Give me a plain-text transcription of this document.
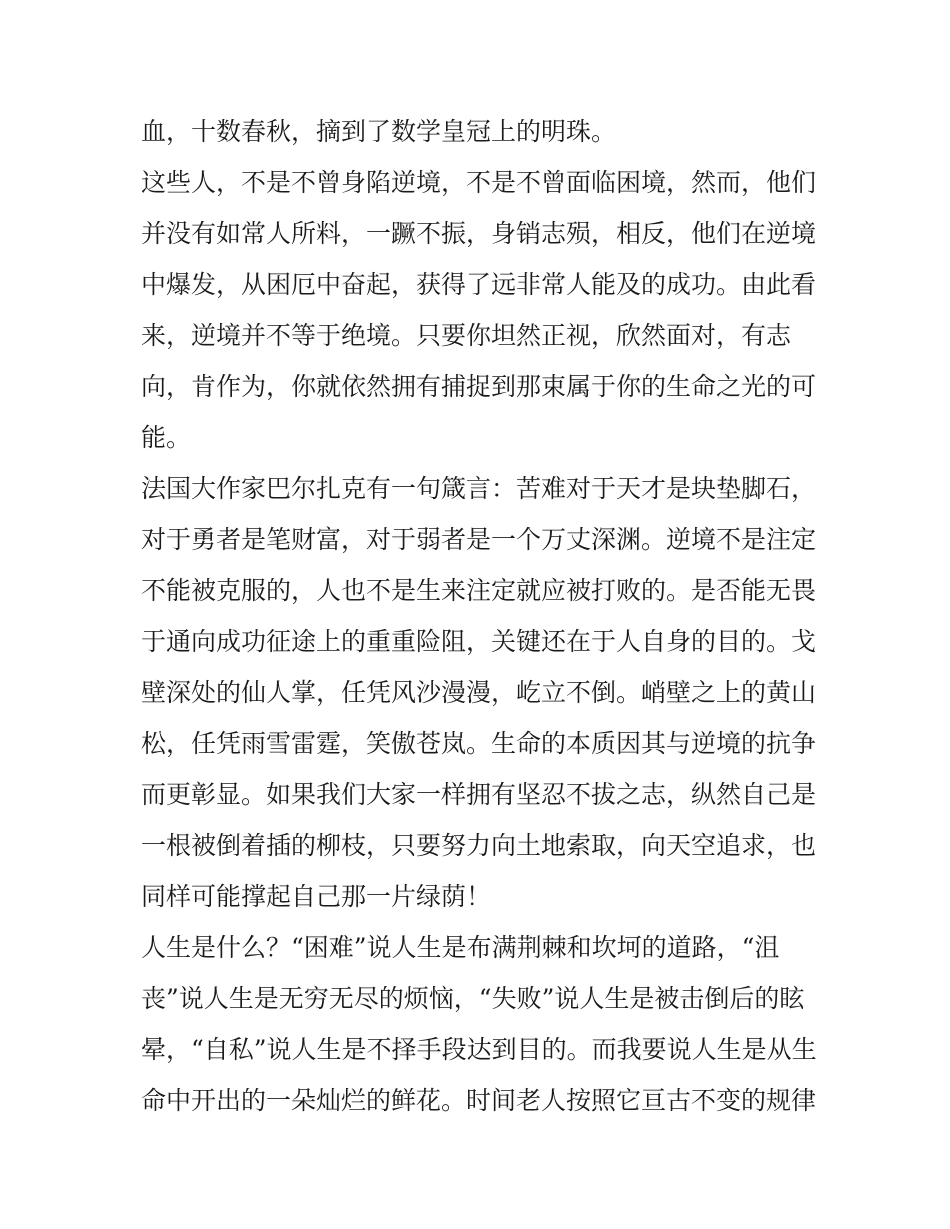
血，十数春秋，摘到了数学皇冠上的明珠。
这些人，不是不曾身陷逆境，不是不曾面临困境，然而，他们
并没有如常人所料，一蹶不振，身销志殒，相反，他们在逆境
中爆发，从困厄中奋起，获得了远非常人能及的成功。由此看
来，逆境并不等于绝境。只要你坦然正视，欣然面对，有志
向，肯作为，你就依然拥有捕捉到那束属于你的生命之光的可
能。
法国大作家巴尔扎克有一句箴言：苦难对于天才是块垫脚石，
对于勇者是笔财富，对于弱者是一个万丈深渊。逆境不是注定
不能被克服的，人也不是生来注定就应被打败的。是否能无畏
于通向成功征途上的重重险阻，关键还在于人自身的目的。戈
壁深处的仙人掌，任凭风沙漫漫，屹立不倒。峭壁之上的黄山
松，任凭雨雪雷霆，笑傲苍岚。生命的本质因其与逆境的抗争
而更彰显。如果我们大家一样拥有坚忍不拔之志，纵然自己是
一根被倒着插的柳枝，只要努力向土地索取，向天空追求，也
同样可能撑起自己那一片绿荫！
人生是什么？“困难”说人生是布满荆棘和坎坷的道路，“沮
丧”说人生是无穷无尽的烦恼，“失败”说人生是被击倒后的眩
晕，“自私”说人生是不择手段达到目的。而我要说人生是从生
命中开出的一朵灿烂的鲜花。时间老人按照它亘古不变的规律
